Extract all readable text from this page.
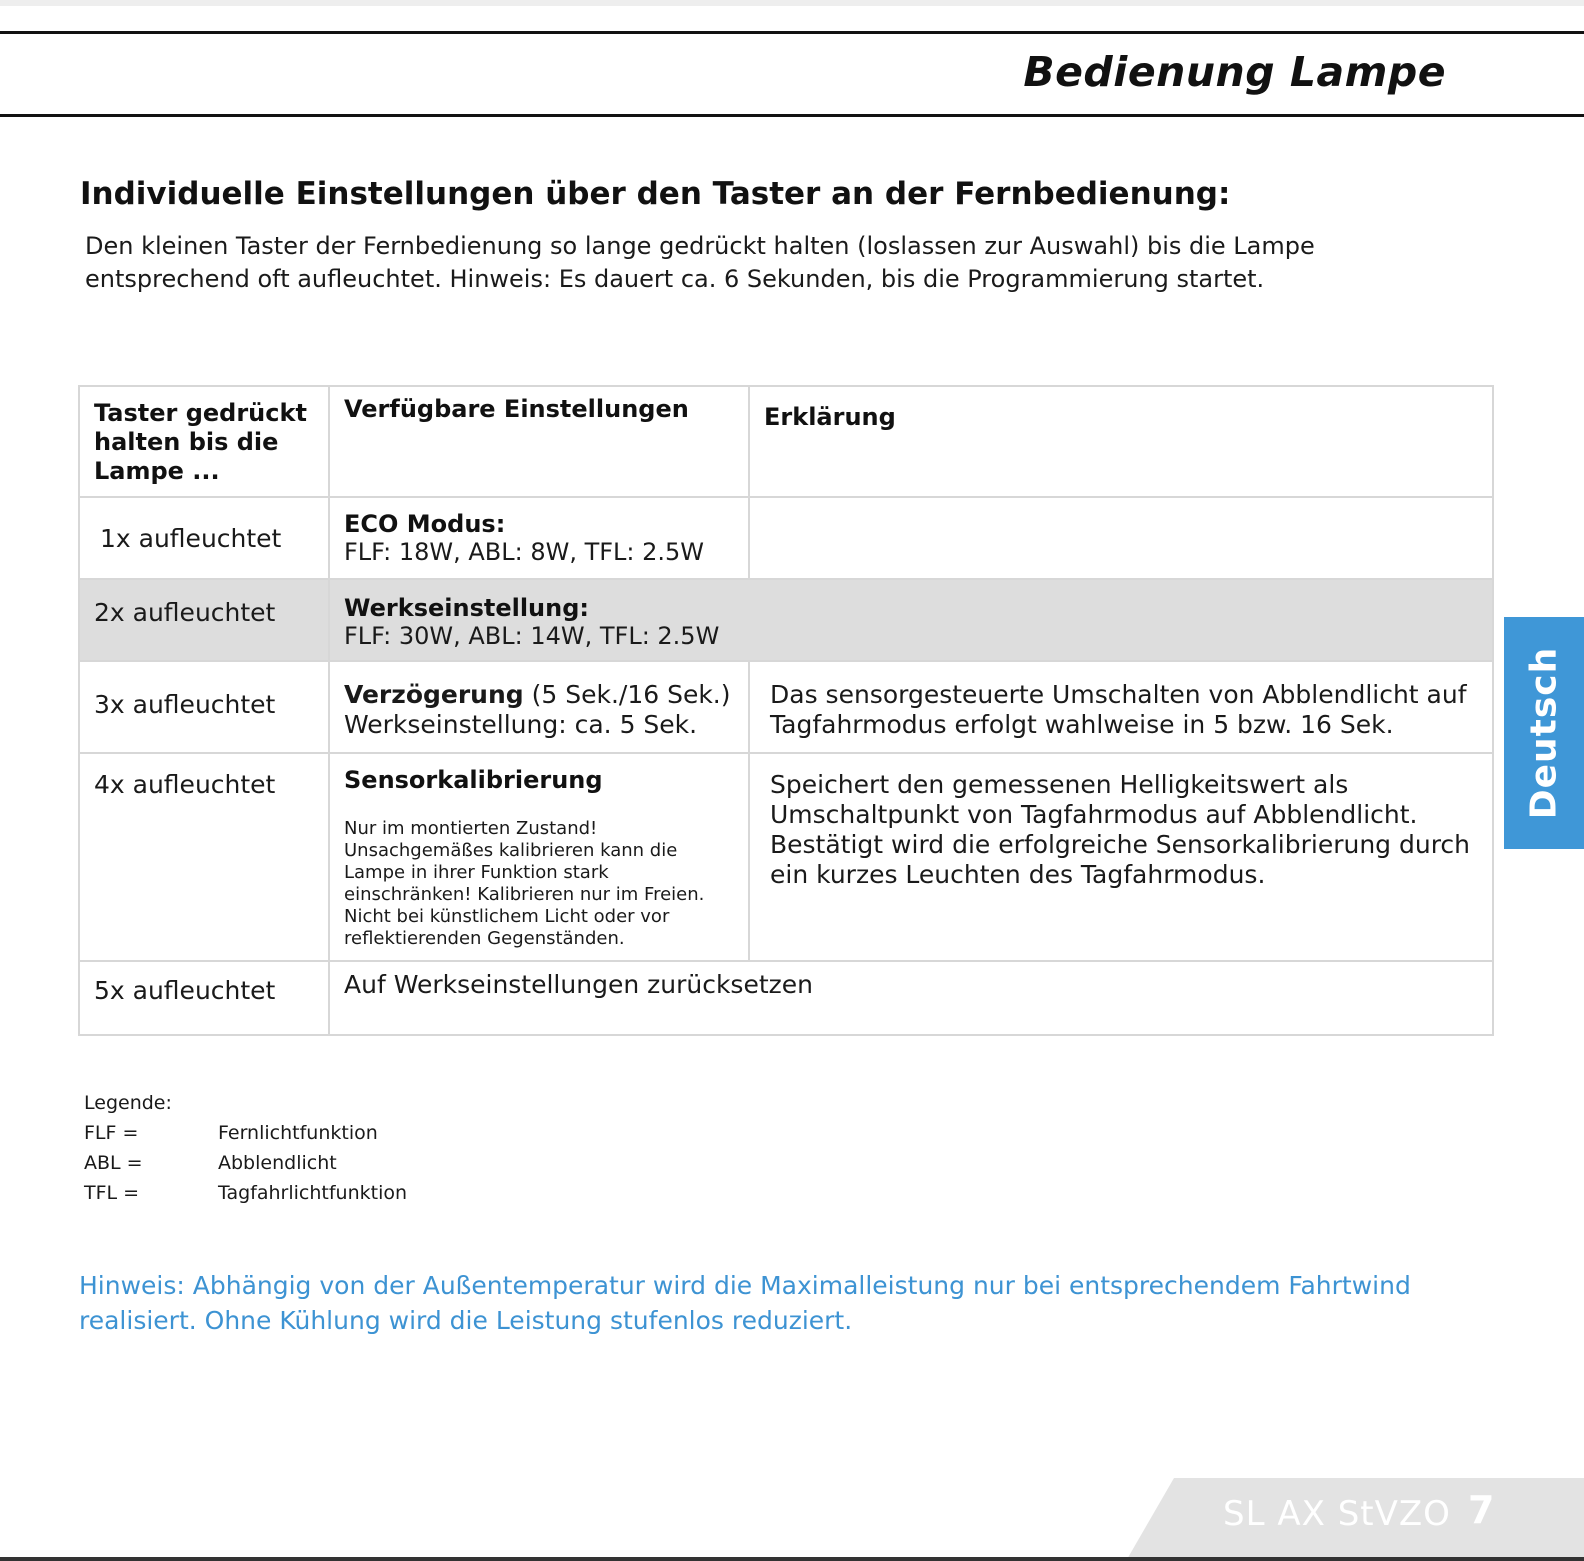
Bedienung Lampe
Individuelle Einstellungen über den Taster an der Fernbedienung:
Den kleinen Taster der Fernbedienung so lange gedrückt halten (loslassen zur Auswahl) bis die Lampe
entsprechend oft aufleuchtet. Hinweis: Es dauert ca. 6 Sekunden, bis die Programmierung startet.
Taster gedrückt halten bis die Lampe ...	Verfügbare Einstellungen	Erklärung

1x aufleuchtet	ECO Modus:
FLF: 18W, ABL: 8W, TFL: 2.5W	

2x aufleuchtet	Werkseinstellung:
FLF: 30W, ABL: 14W, TFL: 2.5W	

3x aufleuchtet	Verzögerung (5 Sek./16 Sek.)
Werkseinstellung: ca. 5 Sek.	Das sensorgesteuerte Umschalten von Abblendlicht auf Tagfahrmodus erfolgt wahlweise in 5 bzw. 16 Sek.

4x aufleuchtet	Sensorkalibrierung
Nur im montierten Zustand! Unsachgemäßes kalibrieren kann die Lampe in ihrer Funktion stark einschränken! Kalibrieren nur im Freien. Nicht bei künstlichem Licht oder vor reflektierenden Gegenständen.	Speichert den gemessenen Helligkeitswert als Umschaltpunkt von Tagfahrmodus auf Abblendlicht. Bestätigt wird die erfolgreiche Sensorkalibrierung durch ein kurzes Leuchten des Tagfahrmodus.

5x aufleuchtet	Auf Werkseinstellungen zurücksetzen	
Legende:
FLF =	Fernlichtfunktion
ABL =	Abblendlicht
TFL =	Tagfahrlichtfunktion
Hinweis: Abhängig von der Außentemperatur wird die Maximalleistung nur bei entsprechendem Fahrtwind realisiert. Ohne Kühlung wird die Leistung stufenlos reduziert.
Deutsch
SL AX StVZO 7
